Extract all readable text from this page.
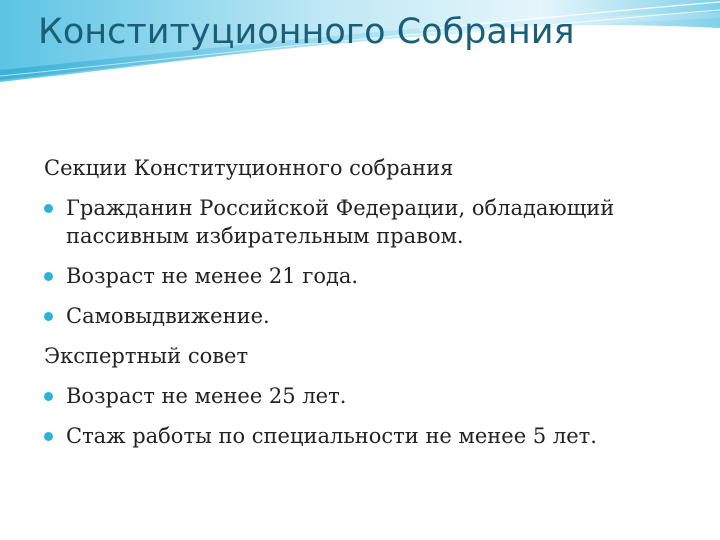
Конституционного Собрания

Секции Конституционного собрания

Гражданин Российской Федерации, обладающий пассивным избирательным правом.
Возраст не менее 21 года.
Самовыдвижение.

Экспертный совет

Возраст не менее 25 лет.
Стаж работы по специальности не менее 5 лет.
